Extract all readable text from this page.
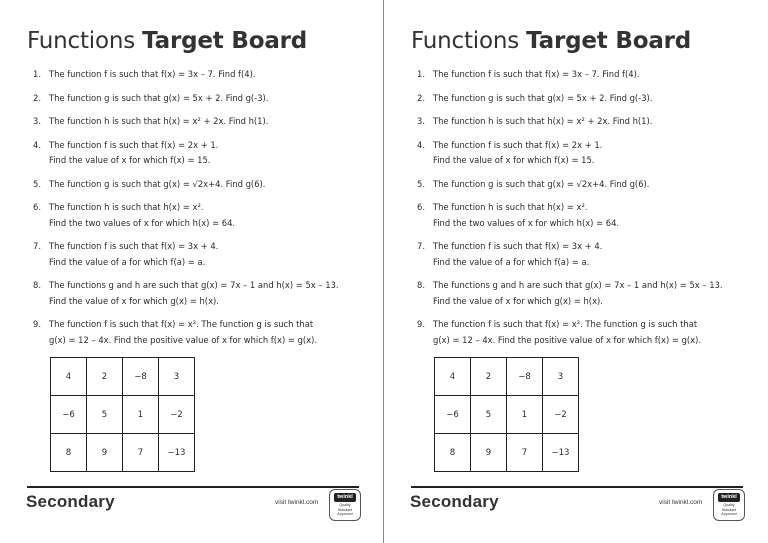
Functions Target Board
1. The function f is such that f(x) = 3x – 7. Find f(4).
2. The function g is such that g(x) = 5x + 2. Find g(-3).
3. The function h is such that h(x) = x² + 2x. Find h(1).
4. The function f is such that f(x) = 2x + 1.
Find the value of x for which f(x) = 15.
5. The function g is such that g(x) = √2x+4. Find g(6).
6. The function h is such that h(x) = x².
Find the two values of x for which h(x) = 64.
7. The function f is such that f(x) = 3x + 4.
Find the value of a for which f(a) = a.
8. The functions g and h are such that g(x) = 7x – 1 and h(x) = 5x – 13.
Find the value of x for which g(x) = h(x).
9. The function f is such that f(x) = x². The function g is such that
g(x) = 12 – 4x. Find the positive value of x for which f(x) = g(x).
4	2	−8	3
−6	5	1	−2
8	9	7	−13
Secondary	visit twinkl.com
twinkl
Quality Standard
Approved
Functions Target Board
1. The function f is such that f(x) = 3x – 7. Find f(4).
2. The function g is such that g(x) = 5x + 2. Find g(-3).
3. The function h is such that h(x) = x² + 2x. Find h(1).
4. The function f is such that f(x) = 2x + 1.
Find the value of x for which f(x) = 15.
5. The function g is such that g(x) = √2x+4. Find g(6).
6. The function h is such that h(x) = x².
Find the two values of x for which h(x) = 64.
7. The function f is such that f(x) = 3x + 4.
Find the value of a for which f(a) = a.
8. The functions g and h are such that g(x) = 7x – 1 and h(x) = 5x – 13.
Find the value of x for which g(x) = h(x).
9. The function f is such that f(x) = x². The function g is such that
g(x) = 12 – 4x. Find the positive value of x for which f(x) = g(x).
4	2	−8	3
−6	5	1	−2
8	9	7	−13
Secondary	visit twinkl.com
twinkl
Quality Standard
Approved
